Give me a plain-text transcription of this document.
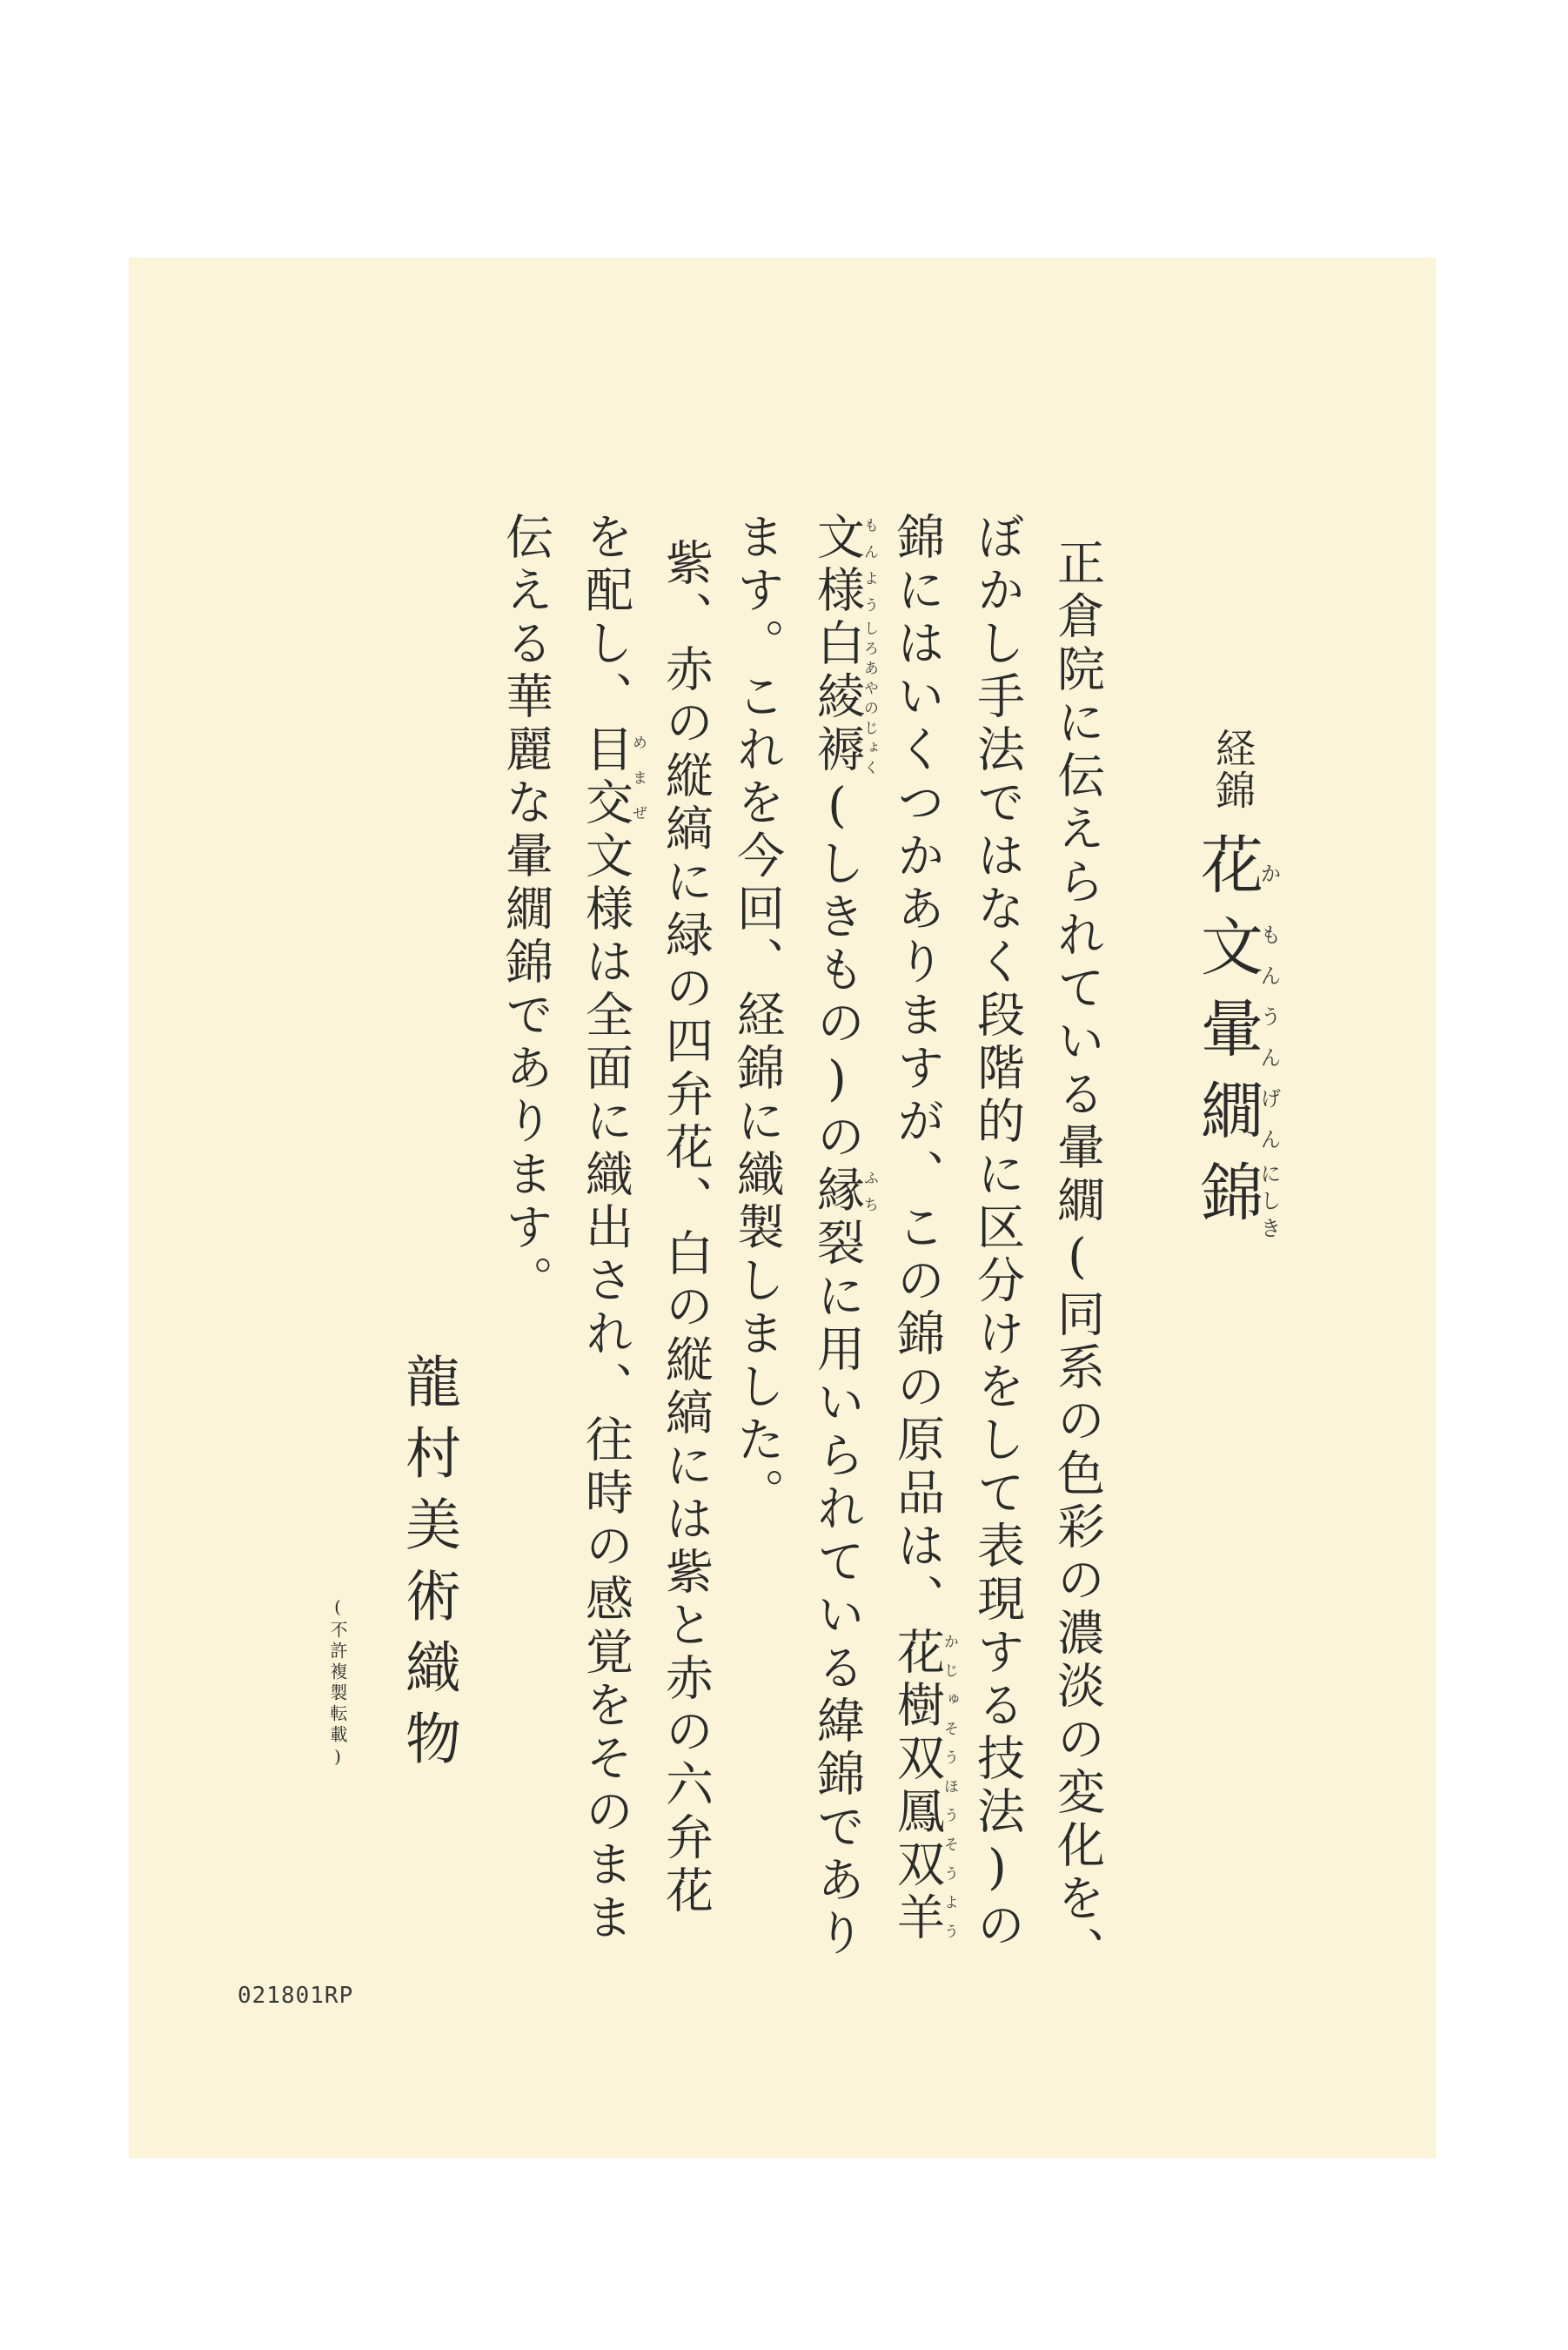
経錦
花か文もん暈うん繝げん錦にしき
正倉院に伝えられている暈繝(同系の色彩の濃淡の変化を、
ぼかし手法ではなく段階的に区分けをして表現する技法)の
錦にはいくつかありますが、この錦の原品は、花樹双鳳双羊かじゅそうほうそうよう
文様もんよう白綾褥しろあやのじょく(しきもの)の縁ふち裂に用いられている緯錦であり
ます。これを今回、経錦に織製しました。
紫、赤の縦縞に緑の四弁花、白の縦縞には紫と赤の六弁花
を配し、目交めまぜ文様は全面に織出され、往時の感覚をそのまま
伝える華麗な暈繝錦であります。
龍村美術織物
(不許複製転載)
021801RP
